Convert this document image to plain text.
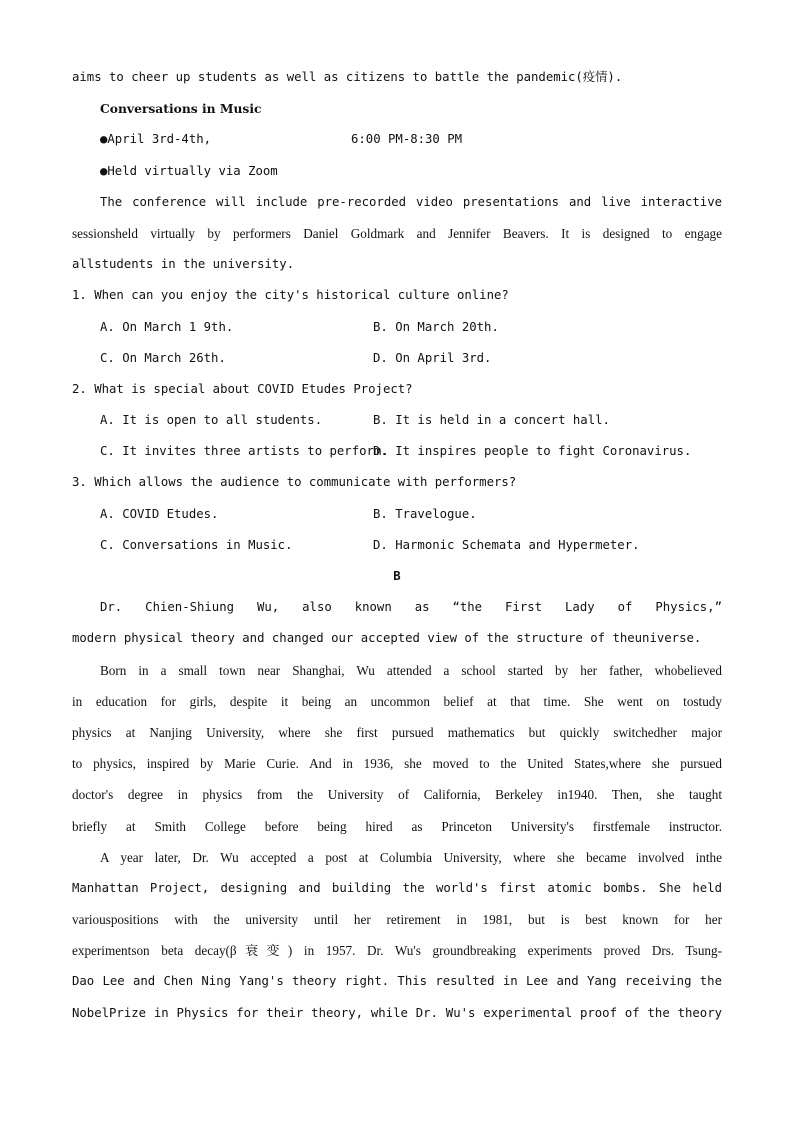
aims to cheer up students as well as citizens to battle the pandemic(疫情).
Conversations in Music
●April 3rd-4th,	6:00 PM-8:30 PM
●Held virtually via Zoom
The conference will include pre-recorded video presentations and live interactive
sessionsheld virtually by performers Daniel Goldmark and Jennifer Beavers. It is designed to engage
allstudents in the university.
1. When can you enjoy the city's historical culture online?
A. On March 1 9th.	B. On March 20th.
C. On March 26th.	D. On April 3rd.
2. What is special about COVID Etudes Project?
A. It is open to all students.	B. It is held in a concert hall.
C. It invites three artists to perform.
D. It inspires people to fight Coronavirus.
3. Which allows the audience to communicate with performers?
A. COVID Etudes.	B. Travelogue.
C. Conversations in Music.	D. Harmonic Schemata and Hypermeter.
B
Dr. Chien-Shiung Wu, also known as “the First Lady of Physics,”
modern physical theory and changed our accepted view of the structure of theuniverse.
Born in a small town near Shanghai, Wu attended a school started by her father, whobelieved
in education for girls, despite it being an uncommon belief at that time. She went on tostudy
physics at Nanjing University, where she first pursued mathematics but quickly switchedher major
to physics, inspired by Marie Curie. And in 1936, she moved to the United States,where she pursued
doctor's degree in physics from the University of California, Berkeley in1940. Then, she taught
briefly at Smith College before being hired as Princeton University's firstfemale instructor.
A year later, Dr. Wu accepted a post at Columbia University, where she became involved inthe
Manhattan Project, designing and building the world's first atomic bombs. She held
variouspositions with the university until her retirement in 1981, but is best known for her
experimentson beta decay(β衰变) in 1957. Dr. Wu's groundbreaking experiments proved Drs. Tsung-
Dao Lee and Chen Ning Yang's theory right. This resulted in Lee and Yang receiving the
NobelPrize in Physics for their theory, while Dr. Wu's experimental proof of the theory
